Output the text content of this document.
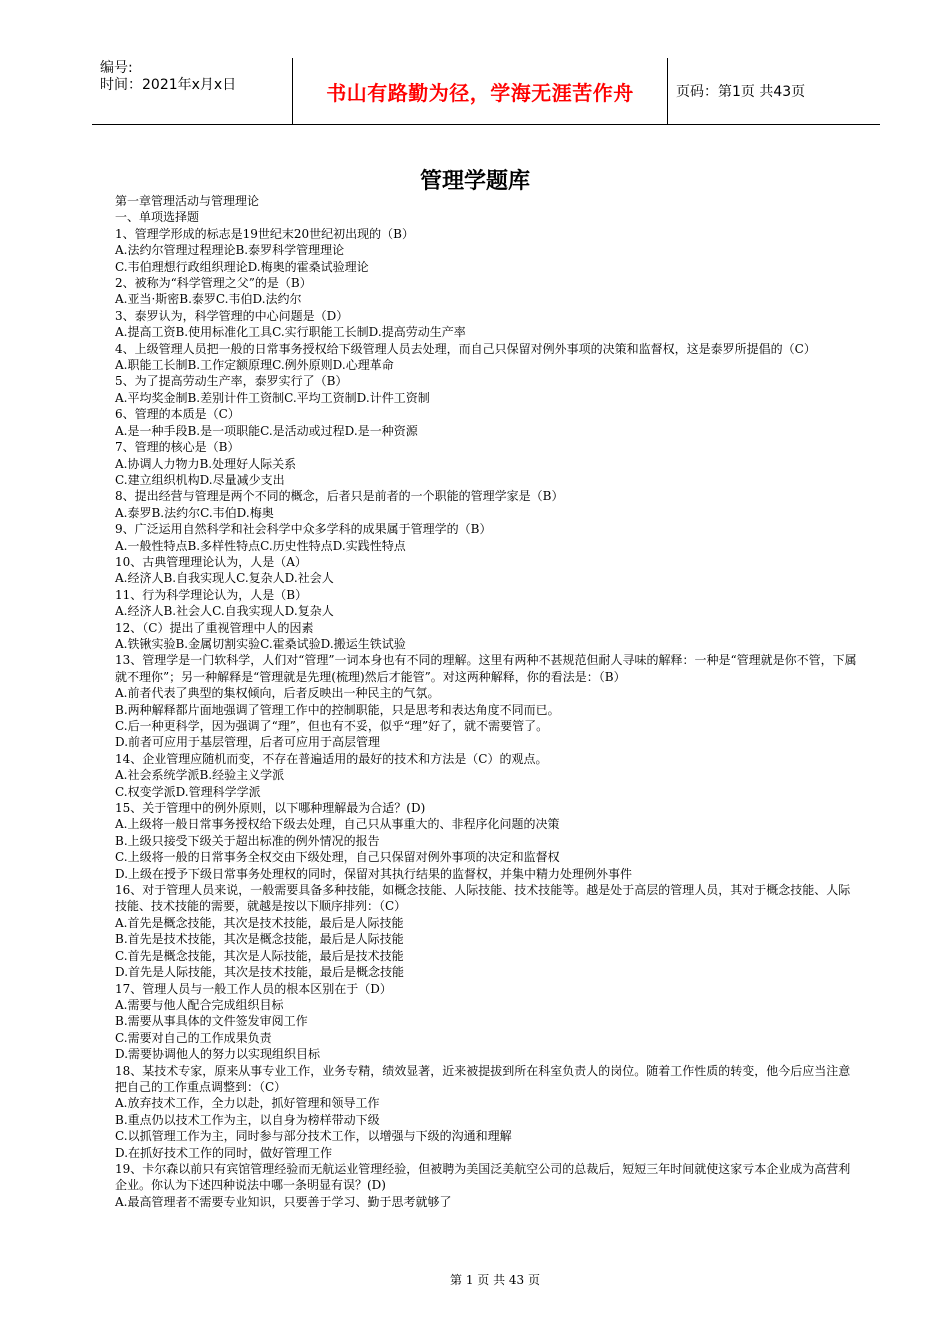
编号:
时间：2021年x月x日	书山有路勤为径，学海无涯苦作舟	页码：第1页 共43页
管理学题库
第一章管理活动与管理理论
一、单项选择题
1、管理学形成的标志是19世纪末20世纪初出现的（B）
A.法约尔管理过程理论B.泰罗科学管理理论
C.韦伯理想行政组织理论D.梅奥的霍桑试验理论
2、被称为“科学管理之父”的是（B）
A.亚当·斯密B.泰罗C.韦伯D.法约尔
3、泰罗认为，科学管理的中心问题是（D）
A.提高工资B.使用标准化工具C.实行职能工长制D.提高劳动生产率
4、上级管理人员把一般的日常事务授权给下级管理人员去处理，而自己只保留对例外事项的决策和监督权，这是泰罗所提倡的（C）
A.职能工长制B.工作定额原理C.例外原则D.心理革命
5、为了提高劳动生产率，泰罗实行了（B）
A.平均奖金制B.差别计件工资制C.平均工资制D.计件工资制
6、管理的本质是（C）
A.是一种手段B.是一项职能C.是活动或过程D.是一种资源
7、管理的核心是（B）
A.协调人力物力B.处理好人际关系
C.建立组织机构D.尽量减少支出
8、提出经营与管理是两个不同的概念，后者只是前者的一个职能的管理学家是（B）
A.泰罗B.法约尔C.韦伯D.梅奥
9、广泛运用自然科学和社会科学中众多学科的成果属于管理学的（B）
A.一般性特点B.多样性特点C.历史性特点D.实践性特点
10、古典管理理论认为，人是（A）
A.经济人B.自我实现人C.复杂人D.社会人
11、行为科学理论认为，人是（B）
A.经济人B.社会人C.自我实现人D.复杂人
12、（C）提出了重视管理中人的因素
A.铁锹实验B.金属切割实验C.霍桑试验D.搬运生铁试验
13、管理学是一门软科学，人们对“管理”一词本身也有不同的理解。这里有两种不甚规范但耐人寻味的解释：一种是“管理就是你不管，下属就不理你”；另一种解释是“管理就是先理(梳理)然后才能管”。对这两种解释，你的看法是：（B）
A.前者代表了典型的集权倾向，后者反映出一种民主的气氛。
B.两种解释都片面地强调了管理工作中的控制职能，只是思考和表达角度不同而已。
C.后一种更科学，因为强调了“理”，但也有不妥，似乎“理”好了，就不需要管了。
D.前者可应用于基层管理，后者可应用于高层管理
14、企业管理应随机而变，不存在普遍适用的最好的技术和方法是（C）的观点。
A.社会系统学派B.经验主义学派
C.权变学派D.管理科学学派
15、关于管理中的例外原则，以下哪种理解最为合适？(D)
A.上级将一般日常事务授权给下级去处理，自己只从事重大的、非程序化问题的决策
B.上级只接受下级关于超出标准的例外情况的报告
C.上级将一般的日常事务全权交由下级处理，自己只保留对例外事项的决定和监督权
D.上级在授予下级日常事务处理权的同时，保留对其执行结果的监督权，并集中精力处理例外事件
16、对于管理人员来说，一般需要具备多种技能，如概念技能、人际技能、技术技能等。越是处于高层的管理人员，其对于概念技能、人际技能、技术技能的需要，就越是按以下顺序排列：（C）
A.首先是概念技能，其次是技术技能，最后是人际技能
B.首先是技术技能，其次是概念技能，最后是人际技能
C.首先是概念技能，其次是人际技能，最后是技术技能
D.首先是人际技能，其次是技术技能，最后是概念技能
17、管理人员与一般工作人员的根本区别在于（D）
A.需要与他人配合完成组织目标
B.需要从事具体的文件签发审阅工作
C.需要对自己的工作成果负责
D.需要协调他人的努力以实现组织目标
18、某技术专家，原来从事专业工作，业务专精，绩效显著，近来被提拔到所在科室负责人的岗位。随着工作性质的转变，他今后应当注意把自己的工作重点调整到：（C）
A.放弃技术工作，全力以赴，抓好管理和领导工作
B.重点仍以技术工作为主，以自身为榜样带动下级
C.以抓管理工作为主，同时参与部分技术工作，以增强与下级的沟通和理解
D.在抓好技术工作的同时，做好管理工作
19、卡尔森以前只有宾馆管理经验而无航运业管理经验，但被聘为美国泛美航空公司的总裁后，短短三年时间就使这家亏本企业成为高营利企业。你认为下述四种说法中哪一条明显有误？(D)
A.最高管理者不需要专业知识，只要善于学习、勤于思考就够了
第 1 页 共 43 页
